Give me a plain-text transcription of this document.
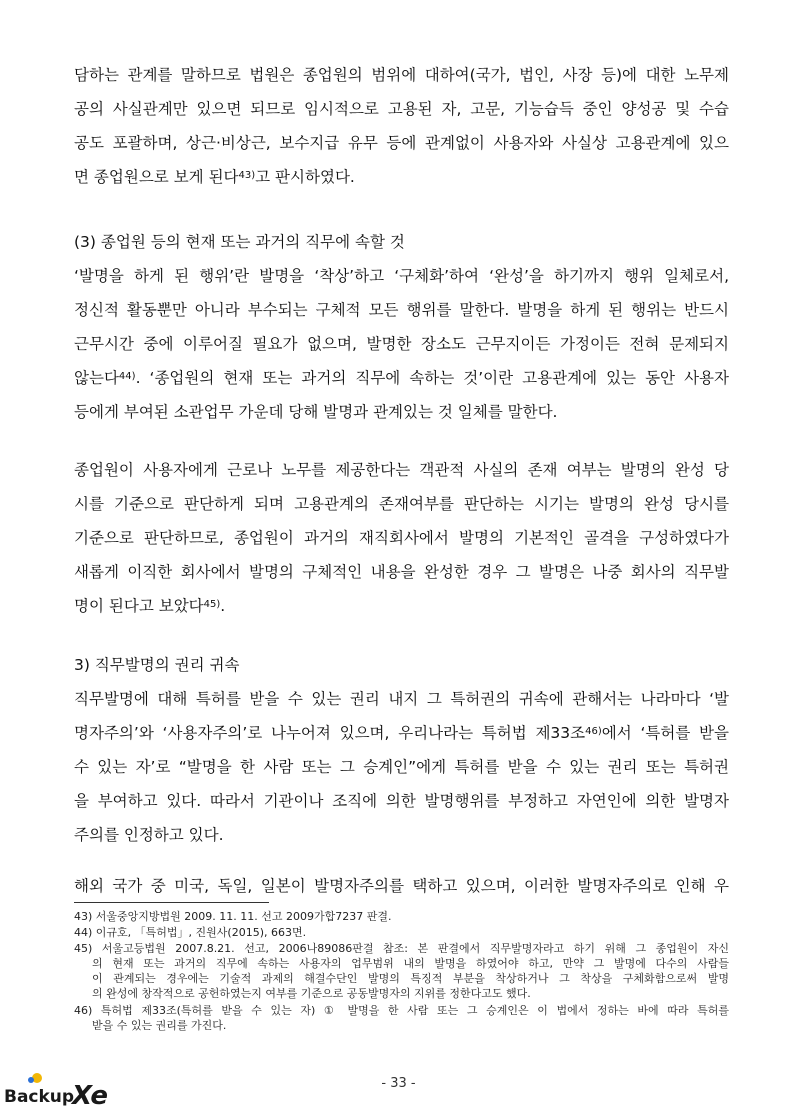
담하는 관계를 말하므로 법원은 종업원의 범위에 대하여(국가, 법인, 사장 등)에 대한 노무제
공의 사실관계만 있으면 되므로 임시적으로 고용된 자, 고문, 기능습득 중인 양성공 및 수습
공도 포괄하며, 상근·비상근, 보수지급 유무 등에 관계없이 사용자와 사실상 고용관계에 있으
면 종업원으로 보게 된다$^{43)}$고 판시하였다.
(3) 종업원 등의 현재 또는 과거의 직무에 속할 것
‘발명을 하게 된 행위’란 발명을 ‘착상’하고 ‘구체화’하여 ‘완성’을 하기까지 행위 일체로서,
정신적 활동뿐만 아니라 부수되는 구체적 모든 행위를 말한다. 발명을 하게 된 행위는 반드시
근무시간 중에 이루어질 필요가 없으며, 발명한 장소도 근무지이든 가정이든 전혀 문제되지
않는다$^{44)}$. ‘종업원의 현재 또는 과거의 직무에 속하는 것’이란 고용관계에 있는 동안 사용자
등에게 부여된 소관업무 가운데 당해 발명과 관계있는 것 일체를 말한다.
종업원이 사용자에게 근로나 노무를 제공한다는 객관적 사실의 존재 여부는 발명의 완성 당
시를 기준으로 판단하게 되며 고용관계의 존재여부를 판단하는 시기는 발명의 완성 당시를
기준으로 판단하므로, 종업원이 과거의 재직회사에서 발명의 기본적인 골격을 구성하였다가
새롭게 이직한 회사에서 발명의 구체적인 내용을 완성한 경우 그 발명은 나중 회사의 직무발
명이 된다고 보았다$^{45)}$.
3) 직무발명의 권리 귀속
직무발명에 대해 특허를 받을 수 있는 권리 내지 그 특허권의 귀속에 관해서는 나라마다 ‘발
명자주의’와 ‘사용자주의’로 나누어져 있으며, 우리나라는 특허법 제33조$^{46)}$에서 ‘특허를 받을
수 있는 자’로 “발명을 한 사람 또는 그 승계인”에게 특허를 받을 수 있는 권리 또는 특허권
을 부여하고 있다. 따라서 기관이나 조직에 의한 발명행위를 부정하고 자연인에 의한 발명자
주의를 인정하고 있다.
해외 국가 중 미국, 독일, 일본이 발명자주의를 택하고 있으며, 이러한 발명자주의로 인해 우
43) 서울중앙지방법원 2009. 11. 11. 선고 2009가합7237 판결.
44) 이규호, 「특허법」, 진원사(2015), 663면.
45) 서울고등법원 2007.8.21. 선고, 2006나89086판결 참조: 본 판결에서 직무발명자라고 하기 위해 그 종업원이 자신
의 현재 또는 과거의 직무에 속하는 사용자의 업무범위 내의 발명을 하였어야 하고, 만약 그 발명에 다수의 사람들
이 관계되는 경우에는 기술적 과제의 해결수단인 발명의 특징적 부분을 착상하거나 그 착상을 구체화함으로써 발명
의 완성에 창작적으로 공헌하였는지 여부를 기준으로 공동발명자의 지위를 정한다고도 했다.
46) 특허법 제33조(특허를 받을 수 있는 자) ① 발명을 한 사람 또는 그 승계인은 이 법에서 정하는 바에 따라 특허를
받을 수 있는 권리를 가진다.
- 33 -
Backup
Xe
